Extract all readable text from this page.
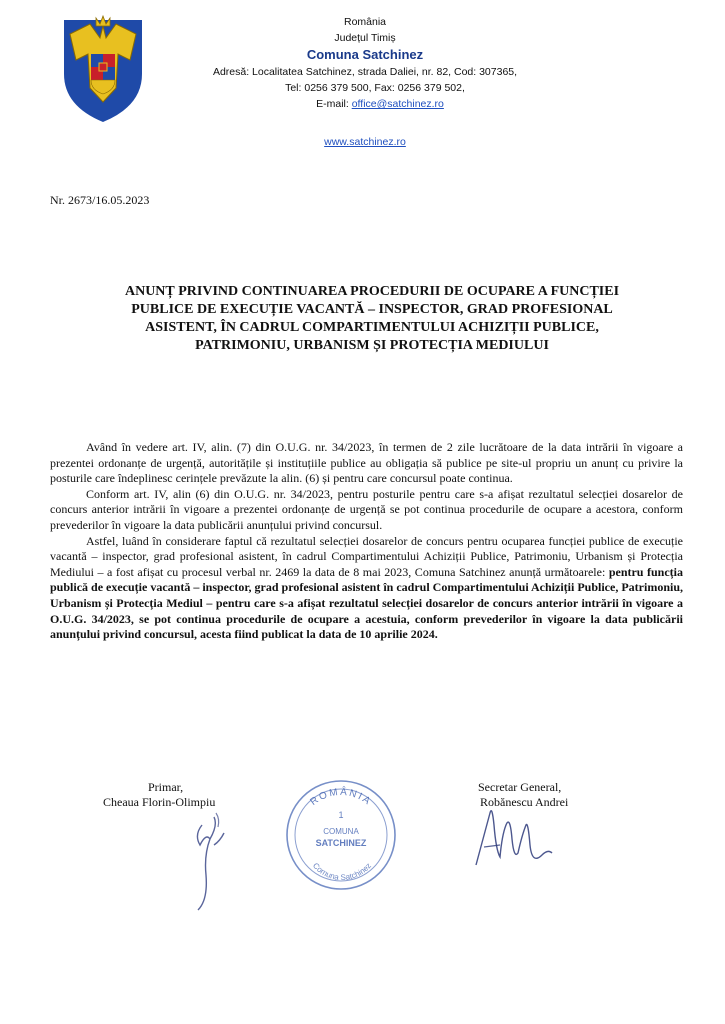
România
Județul Timiș
Comuna Satchinez
Adresă: Localitatea Satchinez, strada Daliei, nr. 82, Cod: 307365,
Tel: 0256 379 500, Fax: 0256 379 502,
E-mail: office@satchinez.ro
www.satchinez.ro
Nr. 2673/16.05.2023
ANUNȚ PRIVIND CONTINUAREA PROCEDURII DE OCUPARE A FUNCȚIEI
PUBLICE DE EXECUȚIE VACANTĂ – INSPECTOR, GRAD PROFESIONAL
ASISTENT, ÎN CADRUL COMPARTIMENTULUI ACHIZIȚII PUBLICE,
PATRIMONIU, URBANISM ȘI PROTECȚIA MEDIULUI

Având în vedere art. IV, alin. (7) din O.U.G. nr. 34/2023, în termen de 2 zile lucrătoare de la data intrării în vigoare a prezentei ordonanțe de urgență, autoritățile și instituțiile publice au obligația să publice pe site-ul propriu un anunț cu privire la posturile care îndeplinesc cerințele prevăzute la alin. (6) și pentru care concursul poate continua.

Conform art. IV, alin (6) din O.U.G. nr. 34/2023, pentru posturile pentru care s-a afișat rezultatul selecției dosarelor de concurs anterior intrării în vigoare a prezentei ordonanțe de urgență se pot continua procedurile de ocupare a acestora, conform prevederilor în vigoare la data publicării anunțului privind concursul.

Astfel, luând în considerare faptul că rezultatul selecției dosarelor de concurs pentru ocuparea funcției publice de execuție vacantă – inspector, grad profesional asistent, în cadrul Compartimentului Achiziții Publice, Patrimoniu, Urbanism și Protecția Mediului – a fost afișat cu procesul verbal nr. 2469 la data de 8 mai 2023, Comuna Satchinez anunță următoarele: pentru funcția publică de execuție vacantă – inspector, grad profesional asistent în cadrul Compartimentului Achiziții Publice, Patrimoniu, Urbanism și Protecția Mediul – pentru care s-a afișat rezultatul selecției dosarelor de concurs anterior intrării în vigoare a O.U.G. 34/2023, se pot continua procedurile de ocupare a acestuia, conform prevederilor în vigoare la data publicării anunțului privind concursul, acesta fiind publicat la data de 10 aprilie 2024.

Primar,
Cheaua Florin-Olimpiu
Secretar General,
Robănescu Andrei
ROMÂNIA
1
COMUNA
SATCHINEZ
Comuna Satchinez
